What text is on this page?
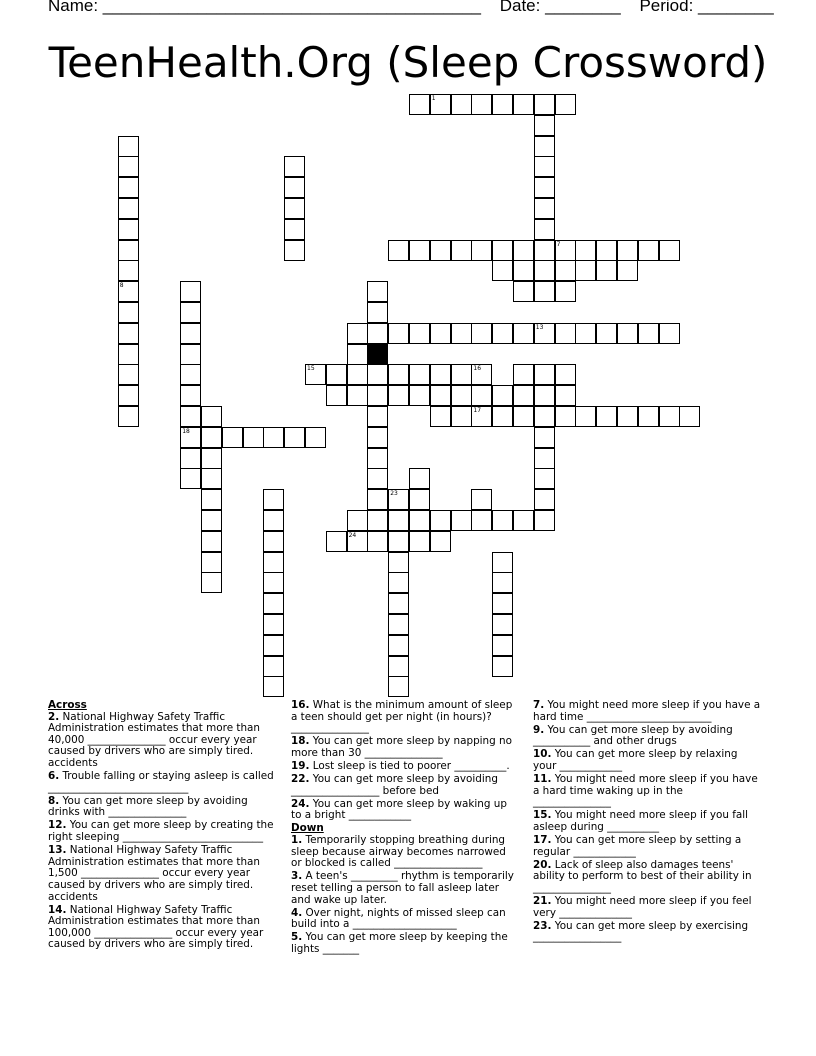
Name: ________________________________________ Date: ________ Period: ________
TeenHealth.Org (Sleep Crossword)
1
18
8
7
13
23
15	16
17
24
Across
2. National Highway Safety Traffic Administration estimates that more than 40,000 _______________ occur every year caused by drivers who are simply tired. accidents
6. Trouble falling or staying asleep is called ___________________________
8. You can get more sleep by avoiding drinks with _______________
12. You can get more sleep by creating the right sleeping ___________________________
13. National Highway Safety Traffic Administration estimates that more than 1,500 _______________ occur every year caused by drivers who are simply tired. accidents
14. National Highway Safety Traffic Administration estimates that more than 100,000 _______________ occur every year caused by drivers who are simply tired.
16. What is the minimum amount of sleep a teen should get per night (in hours)? _______________
18. You can get more sleep by napping no more than 30 _______________
19. Lost sleep is tied to poorer __________.
22. You can get more sleep by avoiding _________________ before bed
24. You can get more sleep by waking up to a bright ____________
Down
1. Temporarily stopping breathing during sleep because airway becomes narrowed or blocked is called _________________
3. A teen's _________ rhythm is temporarily reset telling a person to fall asleep later and wake up later.
4. Over night, nights of missed sleep can build into a ____________________
5. You can get more sleep by keeping the lights _______
7. You might need more sleep if you have a hard time ________________________
9. You can get more sleep by avoiding ___________ and other drugs
10. You can get more sleep by relaxing your ____________
11. You might need more sleep if you have a hard time waking up in the _______________
15. You might need more sleep if you fall asleep during __________
17. You can get more sleep by setting a regular ____________
20. Lack of sleep also damages teens' ability to perform to best of their ability in _______________
21. You might need more sleep if you feel very ______________
23. You can get more sleep by exercising _________________
